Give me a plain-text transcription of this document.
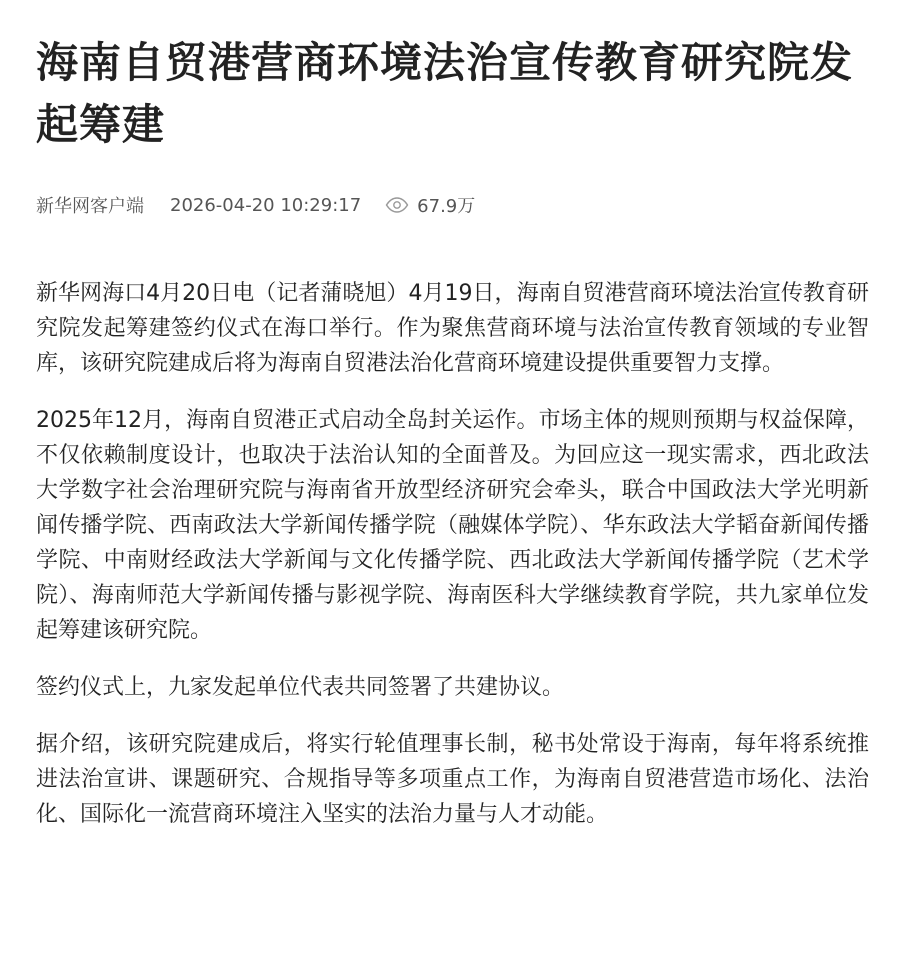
海南自贸港营商环境法治宣传教育研究院发起筹建
新华网客户端 2026-04-20 10:29:17	67.9万

新华网海口4月20日电（记者蒲晓旭）4月19日，海南自贸港营商环境法治宣传教育研究院发起筹建签约仪式在海口举行。作为聚焦营商环境与法治宣传教育领域的专业智库，该研究院建成后将为海南自贸港法治化营商环境建设提供重要智力支撑。

2025年12月，海南自贸港正式启动全岛封关运作。市场主体的规则预期与权益保障，不仅依赖制度设计，也取决于法治认知的全面普及。为回应这一现实需求，西北政法大学数字社会治理研究院与海南省开放型经济研究会牵头，联合中国政法大学光明新闻传播学院、西南政法大学新闻传播学院（融媒体学院）、华东政法大学韬奋新闻传播学院、中南财经政法大学新闻与文化传播学院、西北政法大学新闻传播学院（艺术学院）、海南师范大学新闻传播与影视学院、海南医科大学继续教育学院，共九家单位发起筹建该研究院。

签约仪式上，九家发起单位代表共同签署了共建协议。

据介绍，该研究院建成后，将实行轮值理事长制，秘书处常设于海南，每年将系统推进法治宣讲、课题研究、合规指导等多项重点工作，为海南自贸港营造市场化、法治化、国际化一流营商环境注入坚实的法治力量与人才动能。
